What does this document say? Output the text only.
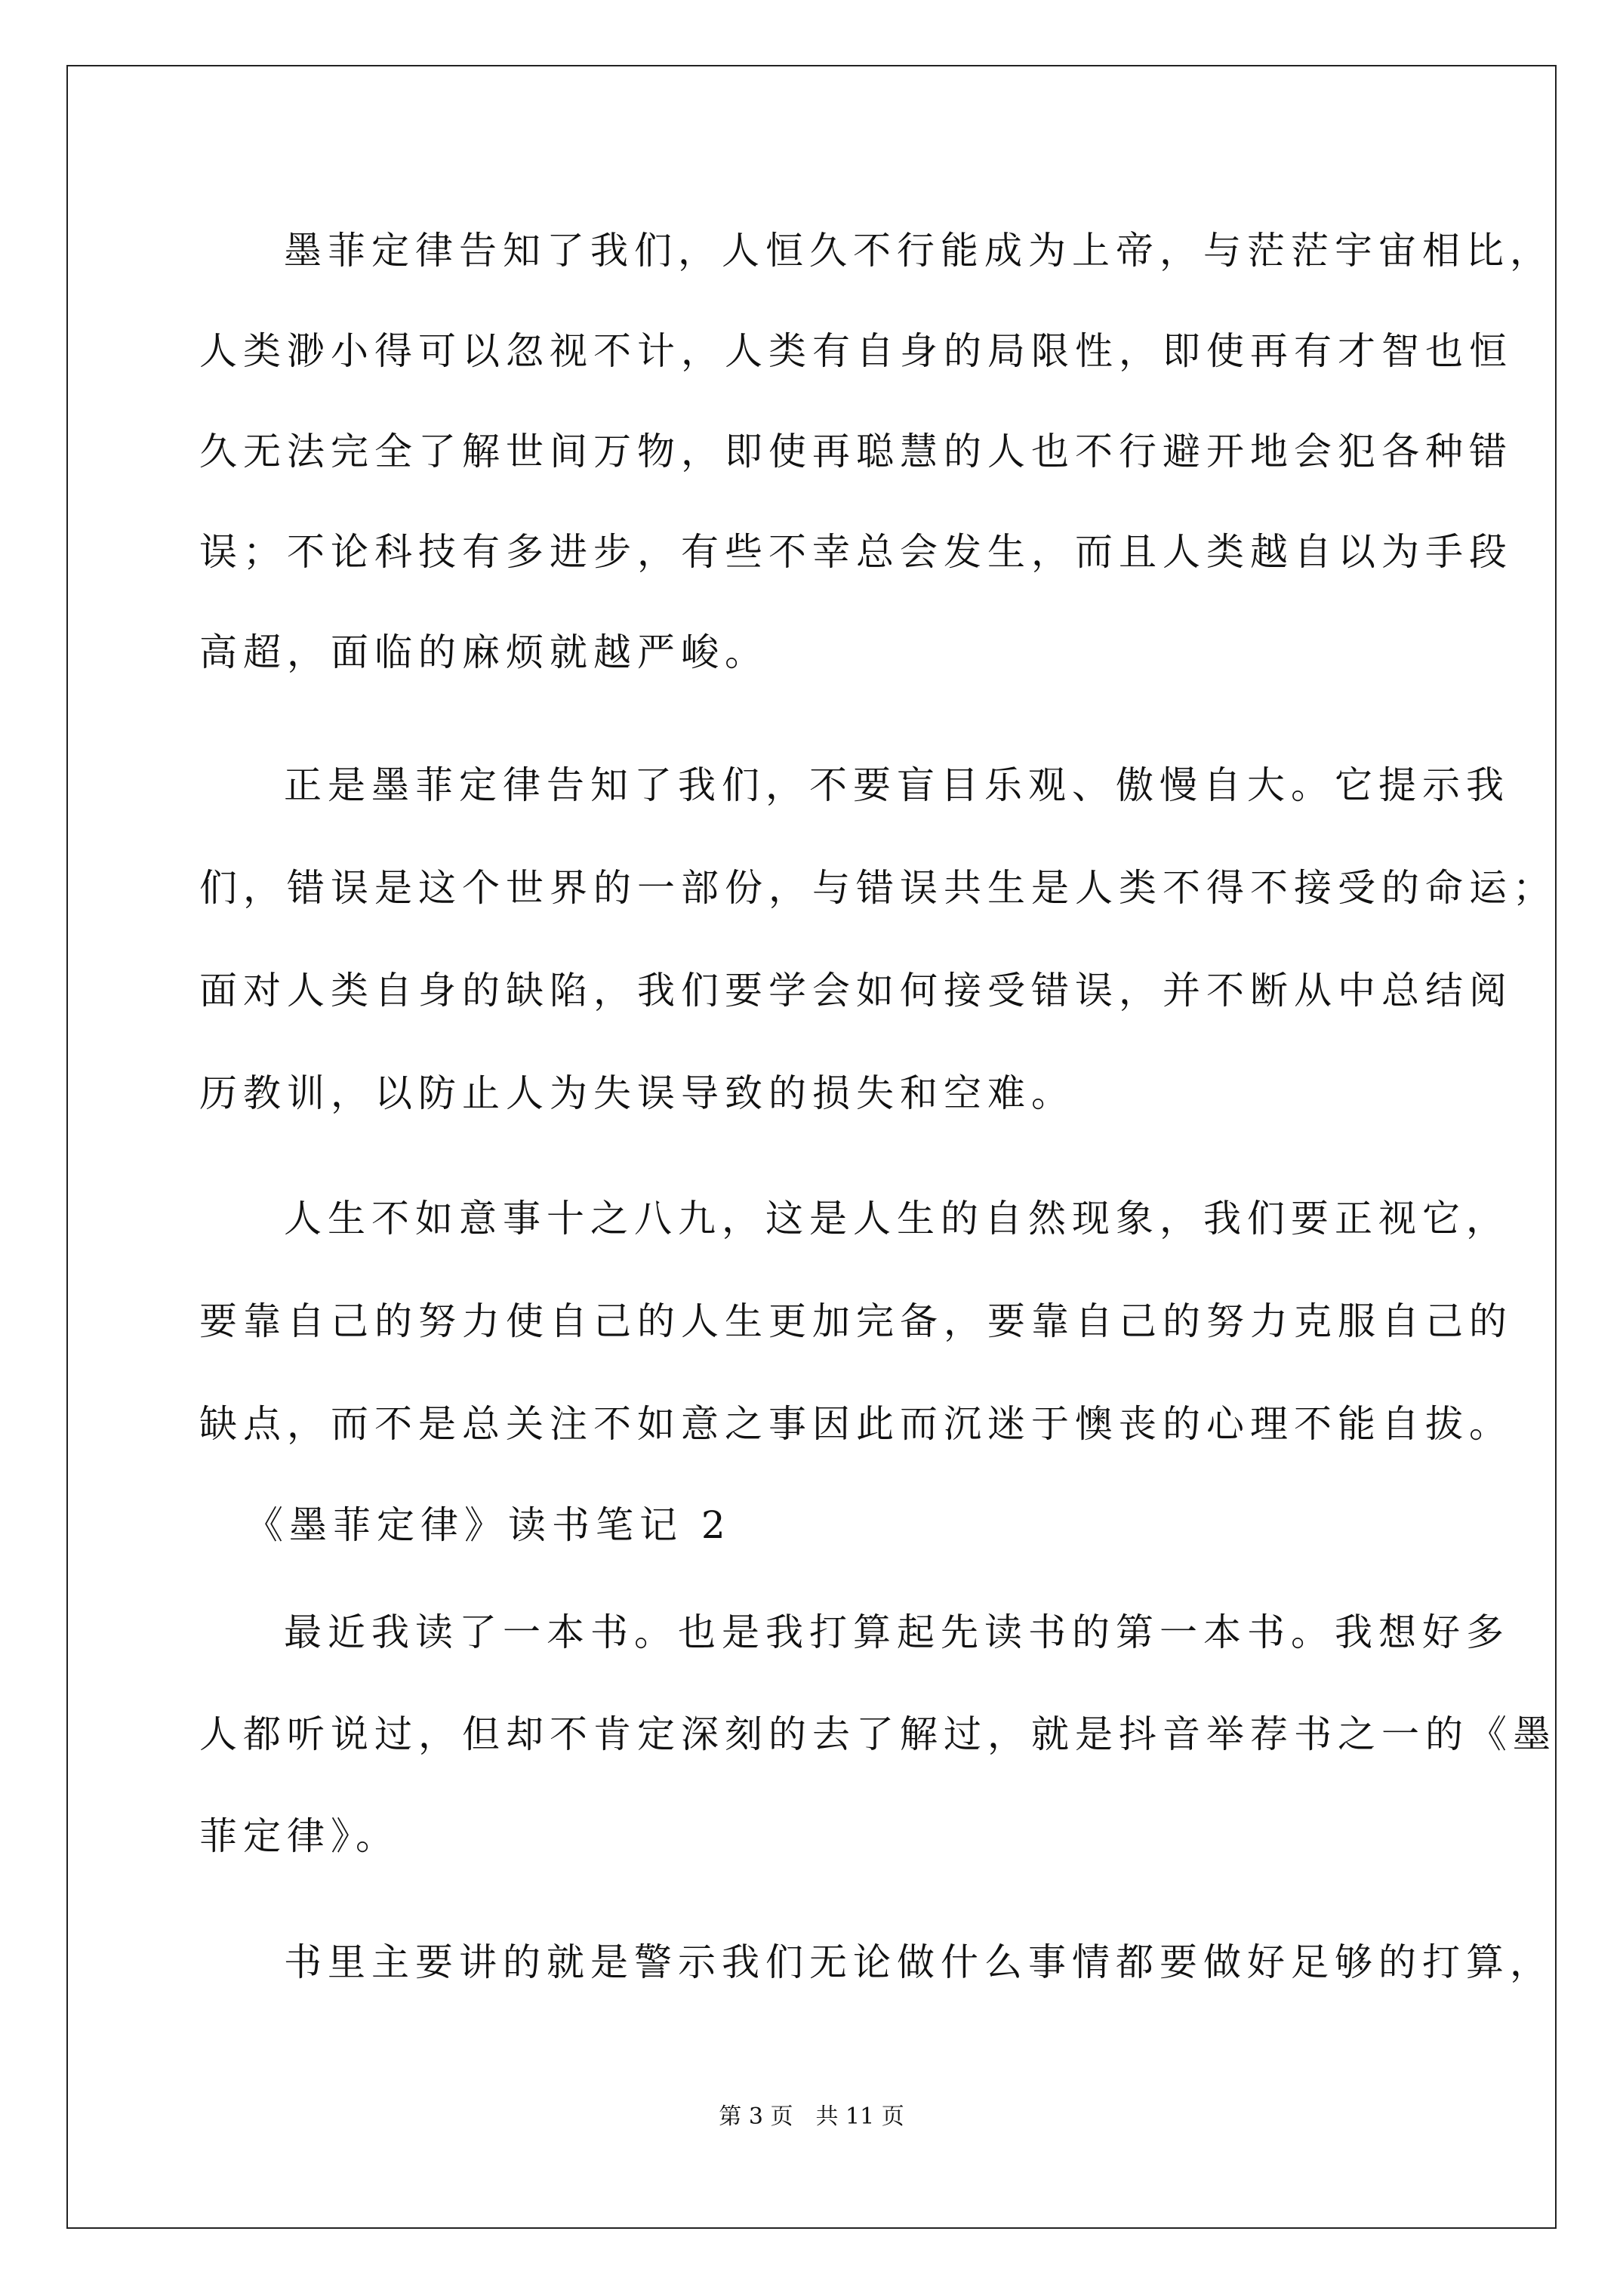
墨菲定律告知了我们，人恒久不行能成为上帝，与茫茫宇宙相比，
人类渺小得可以忽视不计，人类有自身的局限性，即使再有才智也恒
久无法完全了解世间万物，即使再聪慧的人也不行避开地会犯各种错
误；不论科技有多进步，有些不幸总会发生，而且人类越自以为手段
高超，面临的麻烦就越严峻。
正是墨菲定律告知了我们，不要盲目乐观、傲慢自大。它提示我
们，错误是这个世界的一部份，与错误共生是人类不得不接受的命运；
面对人类自身的缺陷，我们要学会如何接受错误，并不断从中总结阅
历教训，以防止人为失误导致的损失和空难。
人生不如意事十之八九，这是人生的自然现象，我们要正视它，
要靠自己的努力使自己的人生更加完备，要靠自己的努力克服自己的
缺点，而不是总关注不如意之事因此而沉迷于懊丧的心理不能自拔。
《墨菲定律》读书笔记 2
最近我读了一本书。也是我打算起先读书的第一本书。我想好多
人都听说过，但却不肯定深刻的去了解过，就是抖音举荐书之一的《墨
菲定律》。
书里主要讲的就是警示我们无论做什么事情都要做好足够的打算，
第 3 页　共 11 页
